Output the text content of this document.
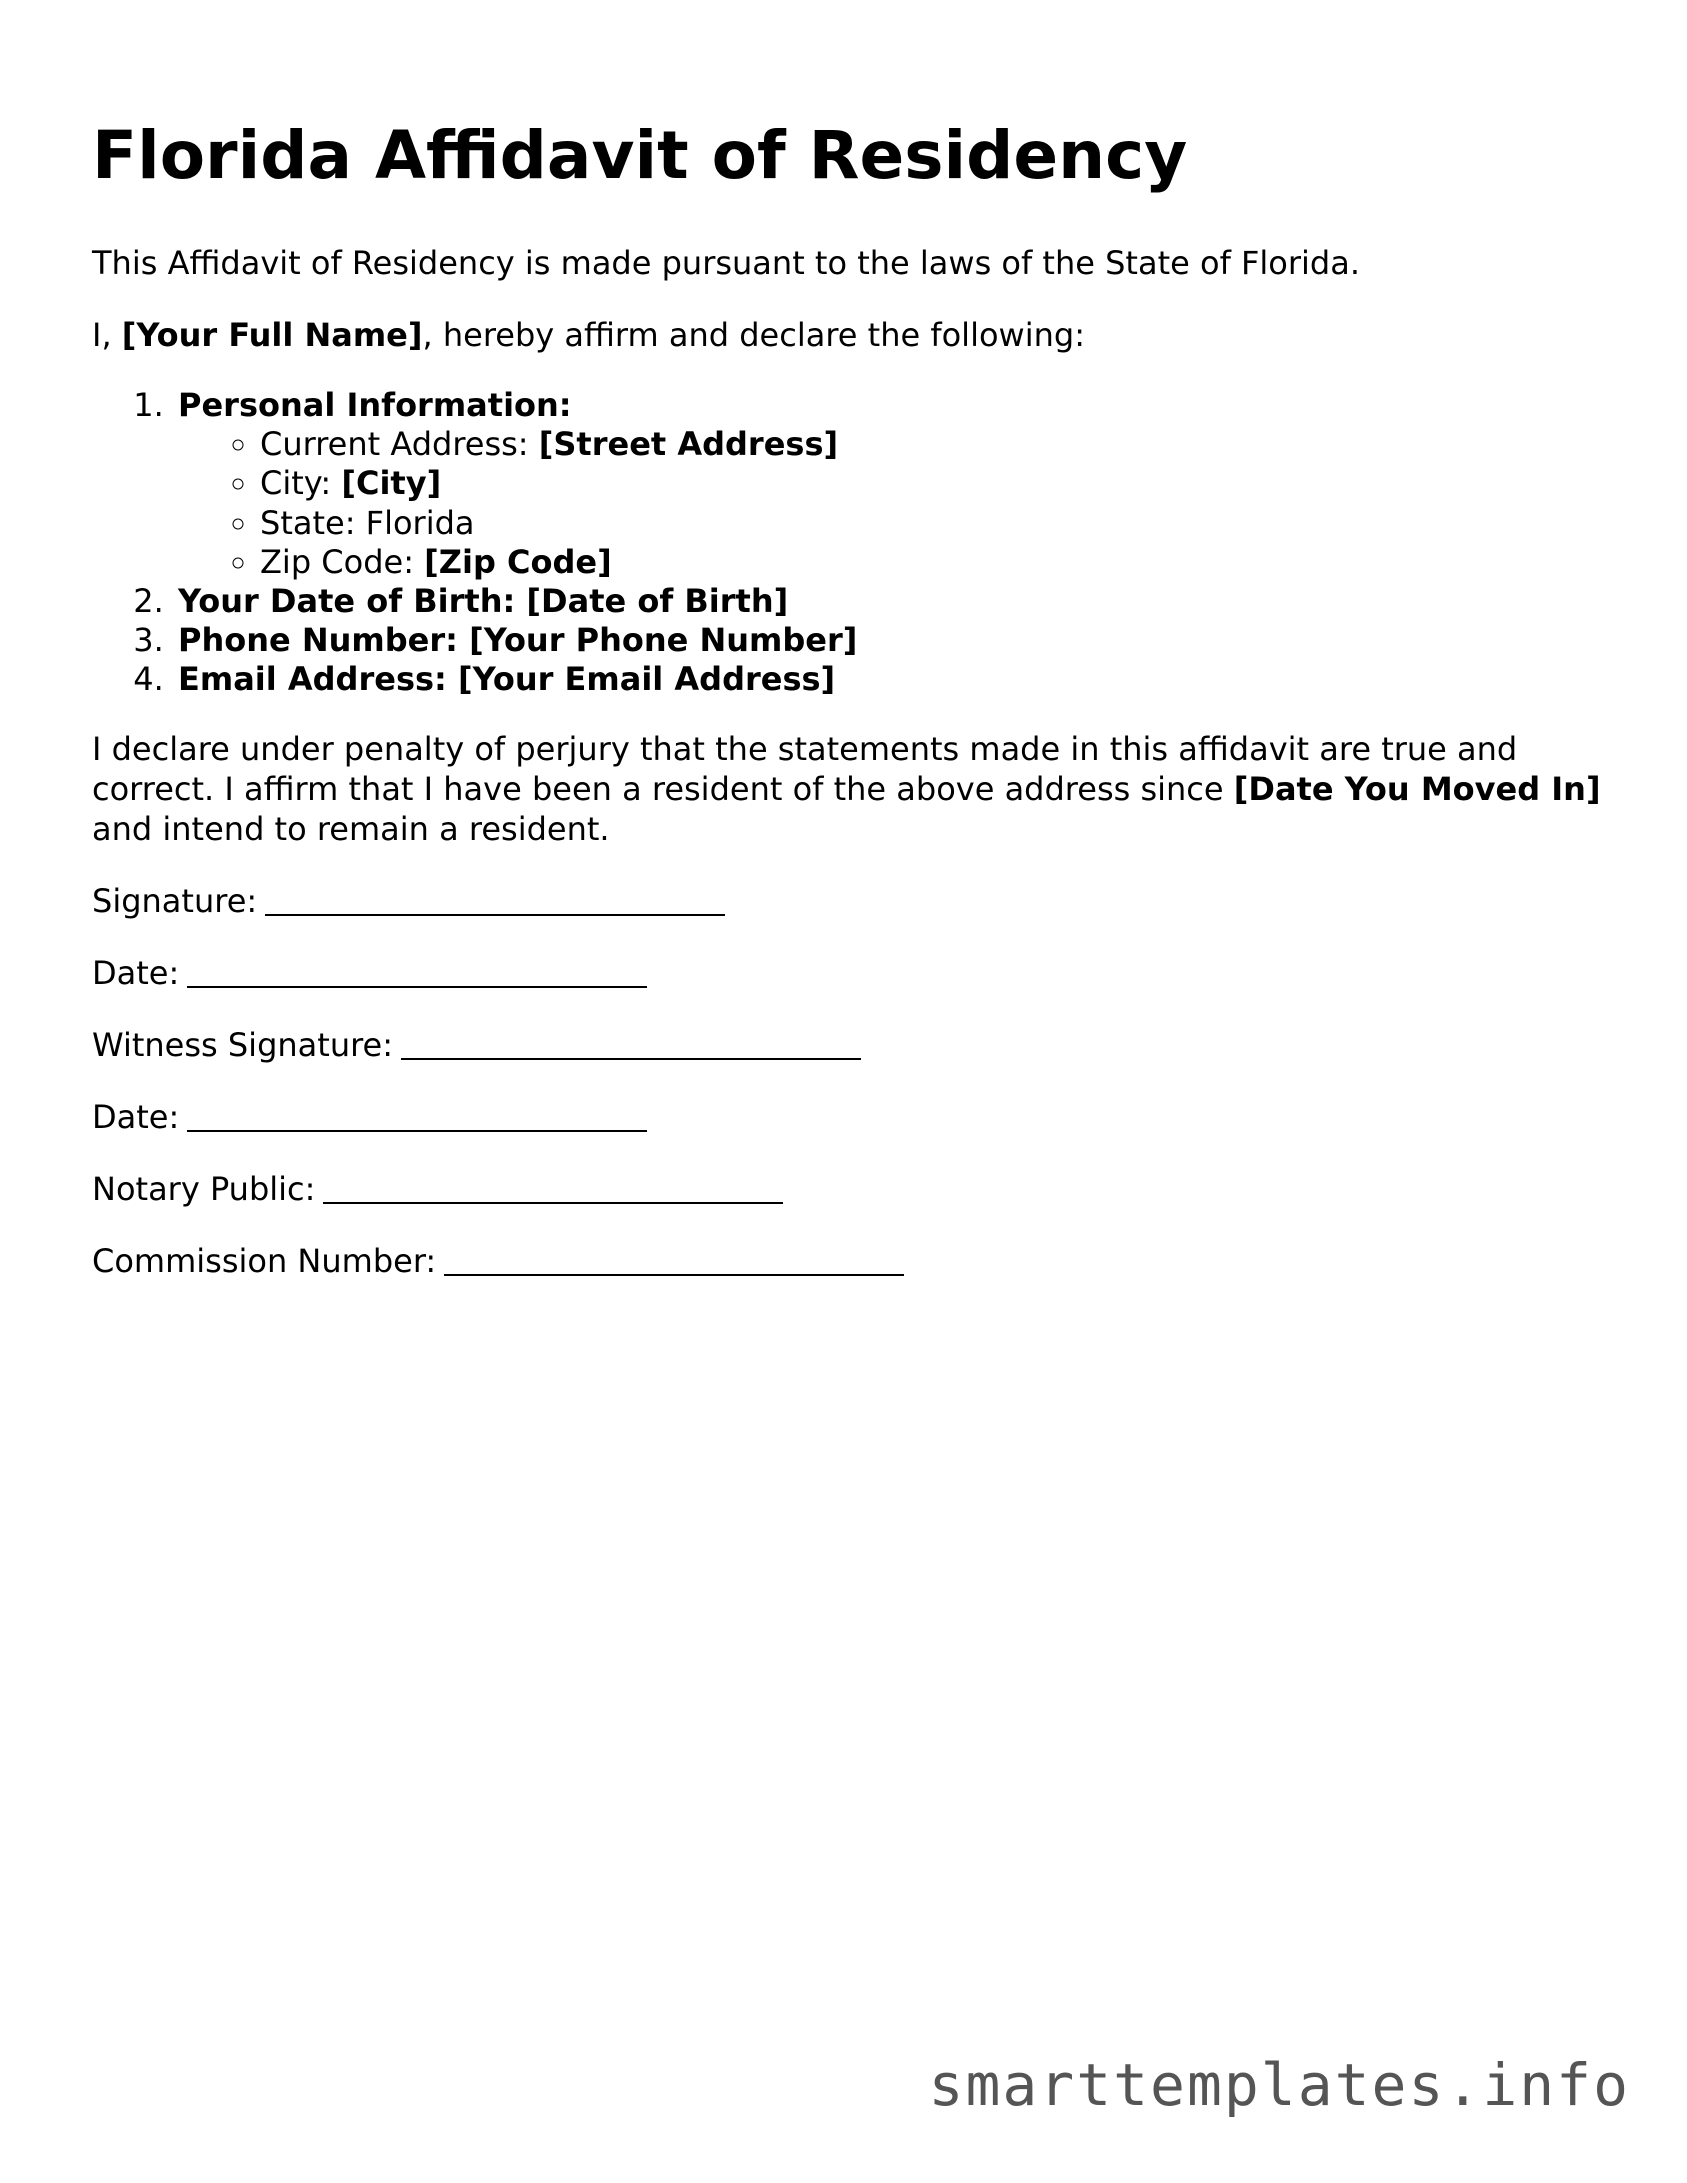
Florida Affidavit of Residency

This Affidavit of Residency is made pursuant to the laws of the State of Florida.

I, [Your Full Name], hereby affirm and declare the following:

1. Personal Information:
◦ Current Address: [Street Address]
◦ City: [City]
◦ State: Florida
◦ Zip Code: [Zip Code]
2. Your Date of Birth: [Date of Birth]
3. Phone Number: [Your Phone Number]
4. Email Address: [Your Email Address]

I declare under penalty of perjury that the statements made in this affidavit are true and correct. I affirm that I have been a resident of the above address since [Date You Moved In] and intend to remain a resident.

Signature:

Date:

Witness Signature:

Date:

Notary Public:

Commission Number:

smarttemplates.info
